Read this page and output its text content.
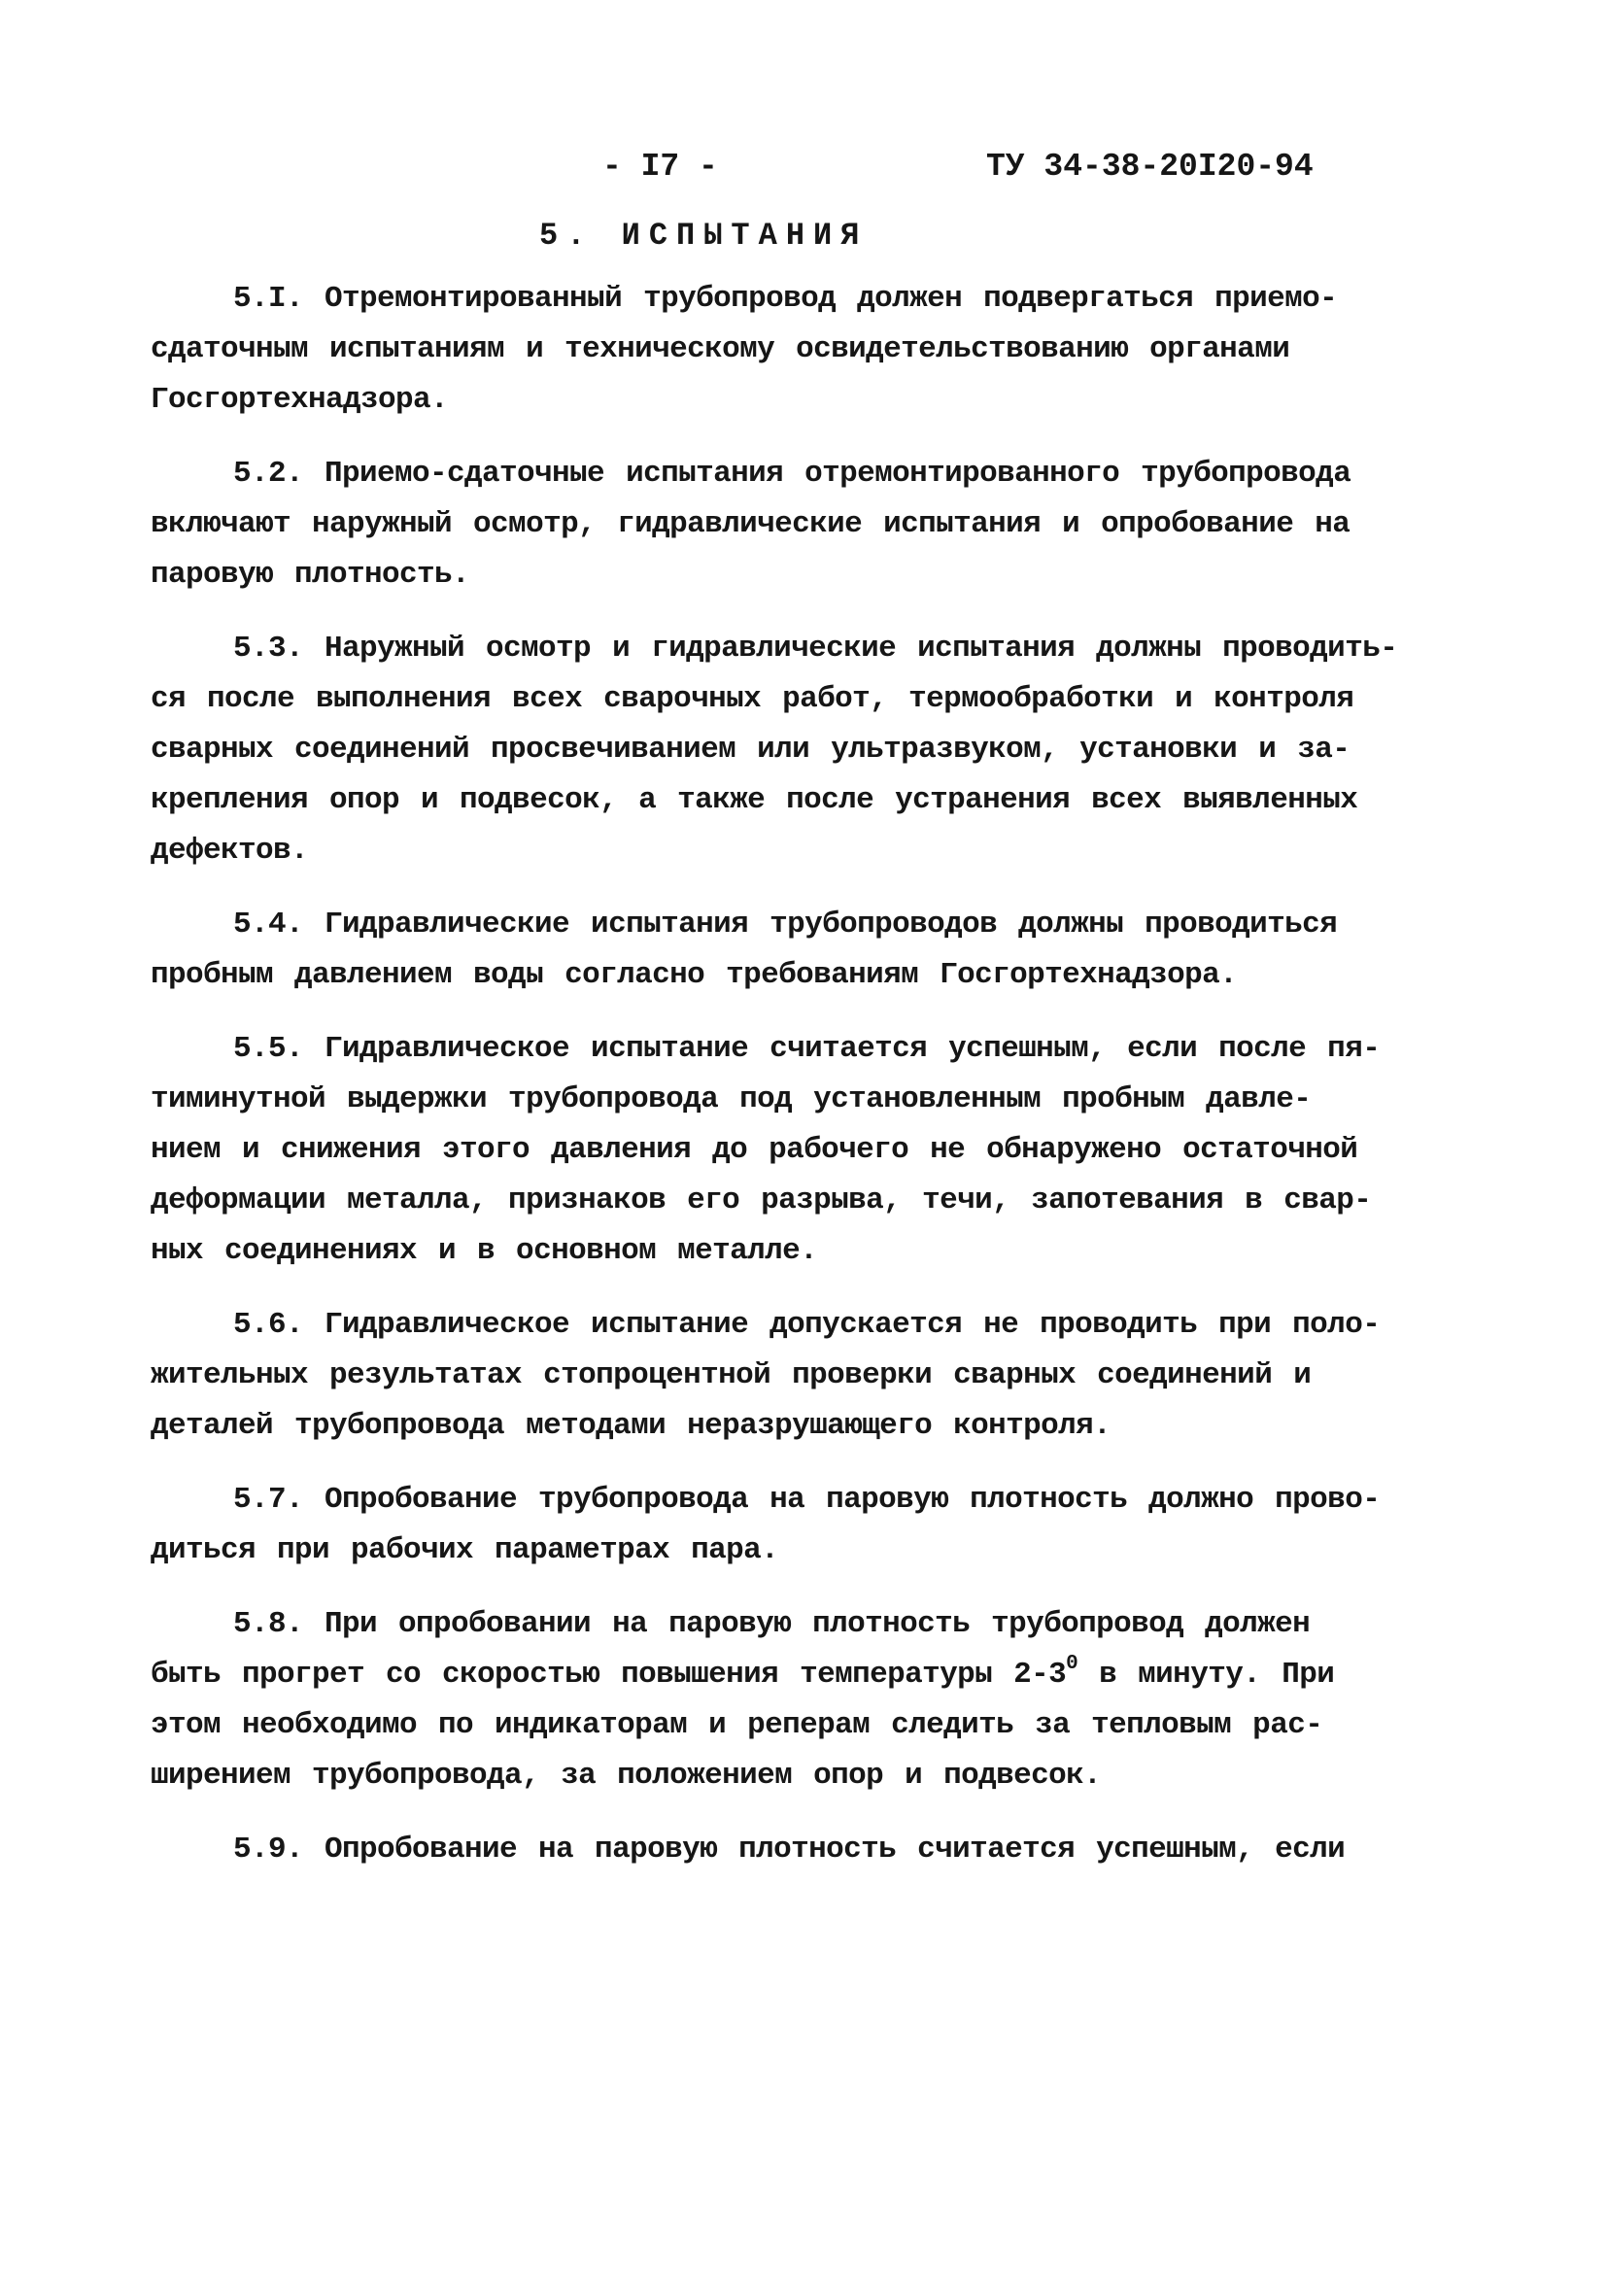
- I7 -	ТУ 34-38-20I20-94
5. ИСПЫТАНИЯ

5.I. Отремонтированный трубопровод должен подвергаться приемо-
сдаточным испытаниям и техническому освидетельствованию органами
Госгортехнадзора.

5.2. Приемо-сдаточные испытания отремонтированного трубопровода
включают наружный осмотр, гидравлические испытания и опробование на
паровую плотность.

5.3. Наружный осмотр и гидравлические испытания должны проводить-
ся после выполнения всех сварочных работ, термообработки и контроля
сварных соединений просвечиванием или ультразвуком, установки и за-
крепления опор и подвесок, а также после устранения всех выявленных
дефектов.

5.4. Гидравлические испытания трубопроводов должны проводиться
пробным давлением воды согласно требованиям Госгортехнадзора.

5.5. Гидравлическое испытание считается успешным, если после пя-
тиминутной выдержки трубопровода под установленным пробным давле-
нием и снижения этого давления до рабочего не обнаружено остаточной
деформации металла, признаков его разрыва, течи, запотевания в свар-
ных соединениях и в основном металле.

5.6. Гидравлическое испытание допускается не проводить при поло-
жительных результатах стопроцентной проверки сварных соединений и
деталей трубопровода методами неразрушающего контроля.

5.7. Опробование трубопровода на паровую плотность должно прово-
диться при рабочих параметрах пара.

5.8. При опробовании на паровую плотность трубопровод должен
быть прогрет со скоростью повышения температуры $2-3^0$ в минуту. При
этом необходимо по индикаторам и реперам следить за тепловым рас-
ширением трубопровода, за положением опор и подвесок.

5.9. Опробование на паровую плотность считается успешным, если
